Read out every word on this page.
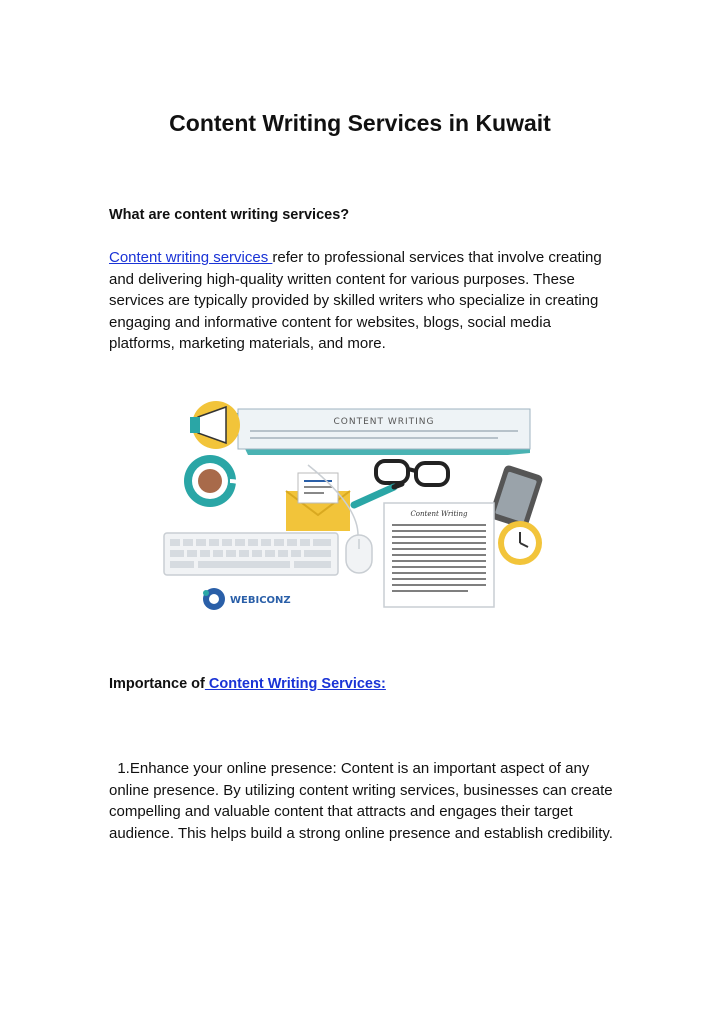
Content Writing Services in Kuwait

What are content writing services?

Content writing services refer to professional services that involve creating and delivering high-quality written content for various purposes. These services are typically provided by skilled writers who specialize in creating engaging and informative content for websites, blogs, social media platforms, marketing materials, and more.

CONTENT WRITING
Content Writing
WEBICONZ

Importance of Content Writing Services:

1.Enhance your online presence: Content is an important aspect of any online presence. By utilizing content writing services, businesses can create compelling and valuable content that attracts and engages their target audience. This helps build a strong online presence and establish credibility.
